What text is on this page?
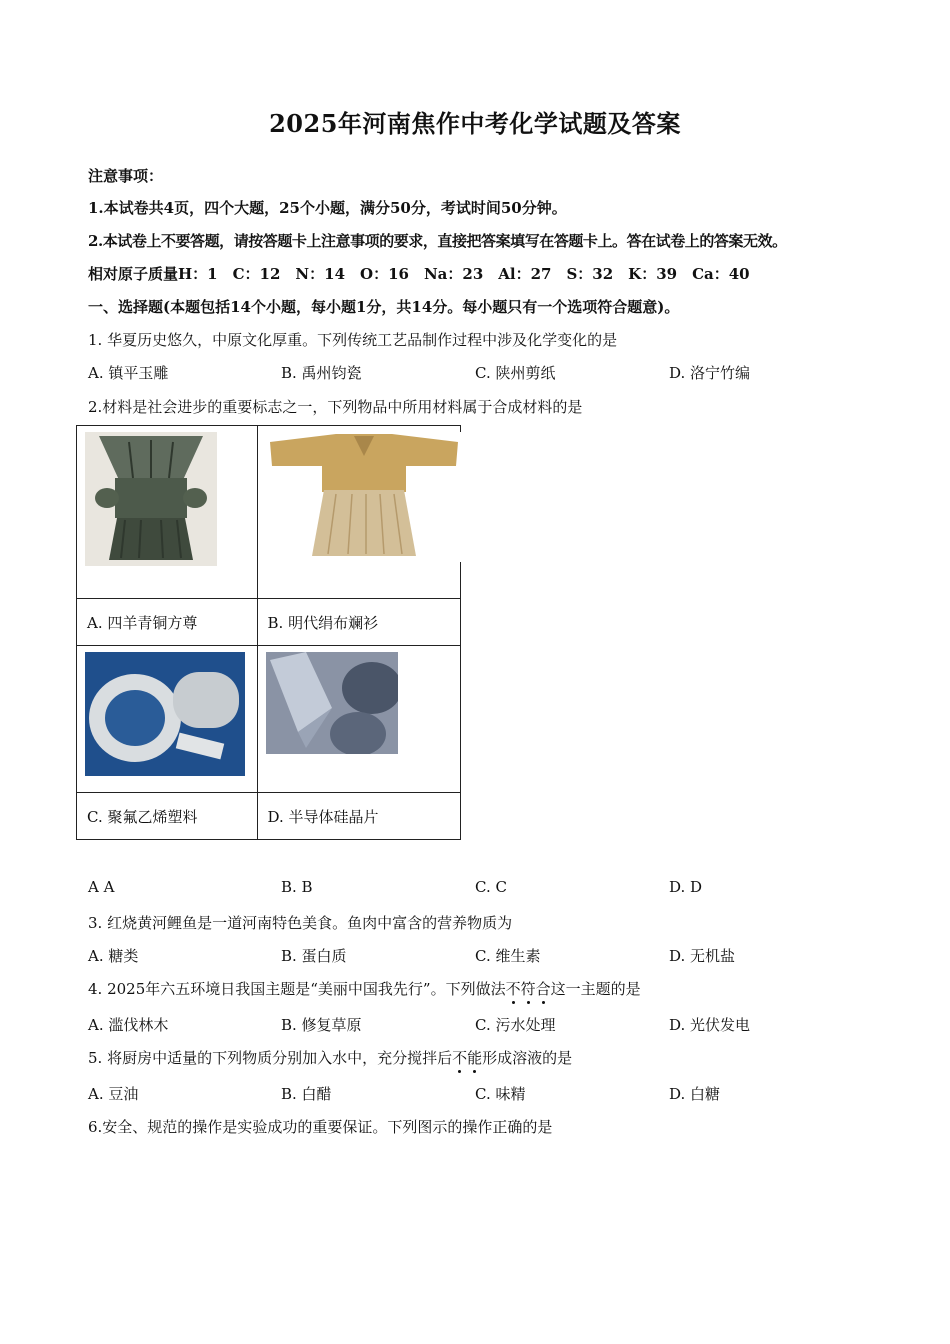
2025年河南焦作中考化学试题及答案
注意事项：
1.本试卷共4页，四个大题，25个小题，满分50分，考试时间50分钟。
2.本试卷上不要答题，请按答题卡上注意事项的要求，直接把答案填写在答题卡上。答在试卷上的答案无效。
相对原子质量H：1　C：12　N：14　O：16　Na：23　Al：27　S：32　K：39　Ca：40
一、选择题(本题包括14个小题，每小题1分，共14分。每小题只有一个选项符合题意)。
1. 华夏历史悠久，中原文化厚重。下列传统工艺品制作过程中涉及化学变化的是
A. 镇平玉雕	B. 禹州钧瓷	C. 陕州剪纸	D. 洛宁竹编
2.材料是社会进步的重要标志之一，下列物品中所用材料属于合成材料的是

A. 四羊青铜方尊	B. 明代绢布斓衫

C. 聚氟乙烯塑料	D. 半导体硅晶片
A A	B. B	C. C	D. D
3. 红烧黄河鲤鱼是一道河南特色美食。鱼肉中富含的营养物质为
A. 糖类	B. 蛋白质	C. 维生素	D. 无机盐
4. 2025年六五环境日我国主题是“美丽中国我先行”。下列做法不符合这一主题的是
A. 滥伐林木	B. 修复草原	C. 污水处理	D. 光伏发电
5. 将厨房中适量的下列物质分别加入水中，充分搅拌后不能形成溶液的是
A. 豆油	B. 白醋	C. 味精	D. 白糖
6.安全、规范的操作是实验成功的重要保证。下列图示的操作正确的是
